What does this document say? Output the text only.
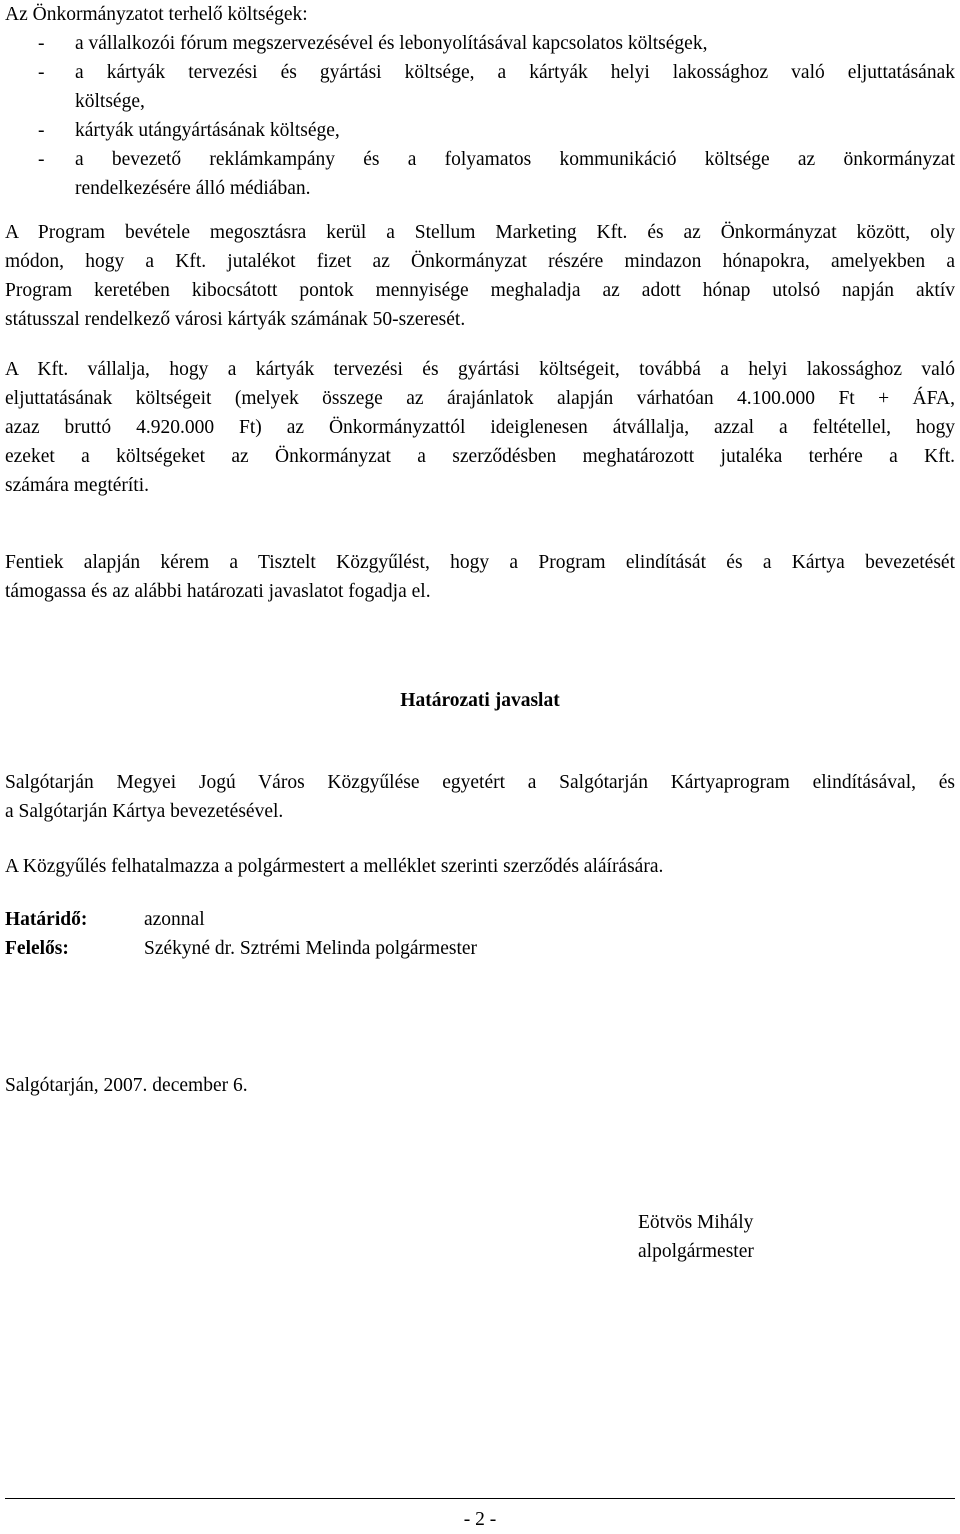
Az Önkormányzatot terhelő költségek:
-	a vállalkozói fórum megszervezésével és lebonyolításával kapcsolatos költségek,
-	a kártyák tervezési és gyártási költsége, a kártyák helyi lakossághoz való eljuttatásának
költsége,
-	kártyák utángyártásának költsége,
-	a bevezető reklámkampány és a folyamatos kommunikáció költsége az önkormányzat
rendelkezésére álló médiában.
A Program bevétele megosztásra kerül a Stellum Marketing Kft. és az Önkormányzat között, oly
módon, hogy a Kft. jutalékot fizet az Önkormányzat részére mindazon hónapokra, amelyekben a
Program keretében kibocsátott pontok mennyisége meghaladja az adott hónap utolsó napján aktív
státusszal rendelkező városi kártyák számának 50-szeresét.
A Kft. vállalja, hogy a kártyák tervezési és gyártási költségeit, továbbá a helyi lakossághoz való
eljuttatásának költségeit (melyek összege az árajánlatok alapján várhatóan 4.100.000 Ft + ÁFA,
azaz bruttó 4.920.000 Ft) az Önkormányzattól ideiglenesen átvállalja, azzal a feltétellel, hogy
ezeket a költségeket az Önkormányzat a szerződésben meghatározott jutaléka terhére a Kft.
számára megtéríti.
Fentiek alapján kérem a Tisztelt Közgyűlést, hogy a Program elindítását és a Kártya bevezetését
támogassa és az alábbi határozati javaslatot fogadja el.
Határozati javaslat
Salgótarján Megyei Jogú Város Közgyűlése egyetért a Salgótarján Kártyaprogram elindításával, és
a Salgótarján Kártya bevezetésével.
A Közgyűlés felhatalmazza a polgármestert a melléklet szerinti szerződés aláírására.
Határidő:	azonnal
Felelős:	Székyné dr. Sztrémi Melinda polgármester
Salgótarján, 2007. december 6.
Eötvös Mihály
alpolgármester
- 2 -
